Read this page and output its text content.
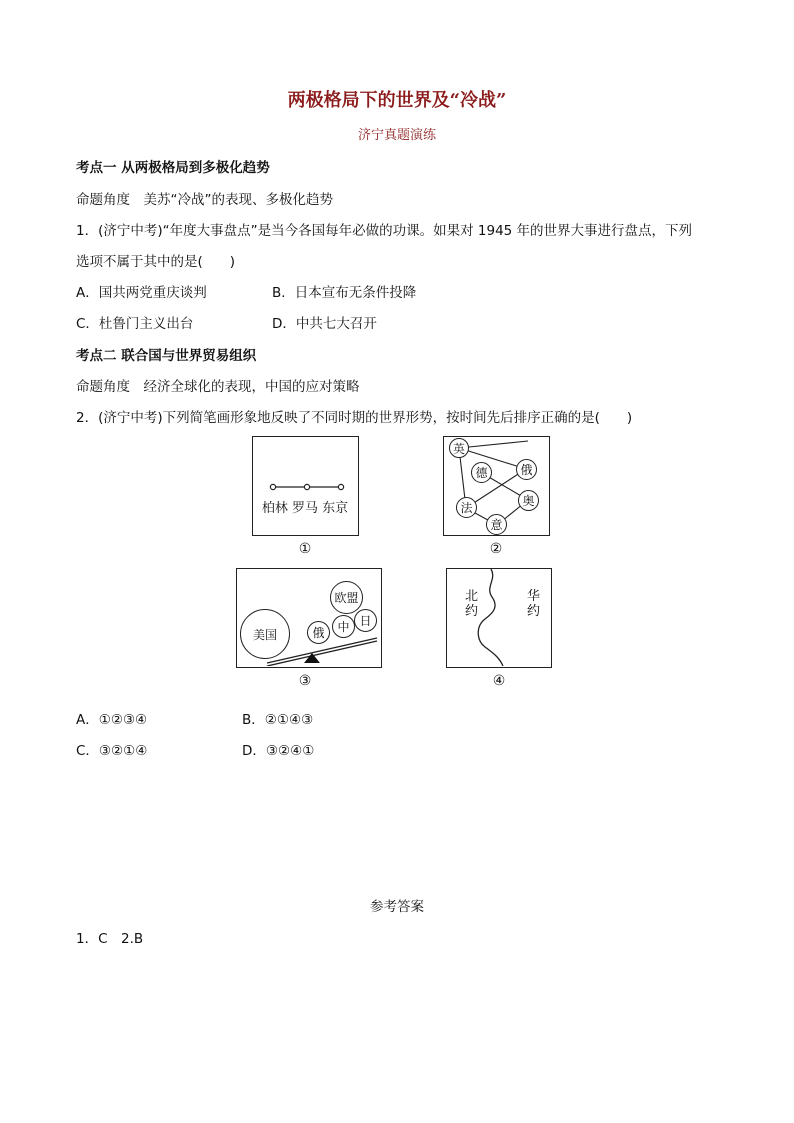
两极格局下的世界及“冷战”
济宁真题演练
考点一 从两极格局到多极化趋势
命题角度　美苏“冷战”的表现、多极化趋势
1．(济宁中考)“年度大事盘点”是当今各国每年必做的功课。如果对 1945 年的世界大事进行盘点，下列
选项不属于其中的是(　　)
A．国共两党重庆谈判	B．日本宣布无条件投降
C．杜鲁门主义出台	D．中共七大召开
考点二 联合国与世界贸易组织
命题角度　经济全球化的表现，中国的应对策略
2．(济宁中考)下列简笔画形象地反映了不同时期的世界形势，按时间先后排序正确的是(　　)
柏林 罗马 东京
①
英
德	俄
法	奥
意
②
美国
欧盟
俄	中 日
③
北约
华约
④
A．①②③④	B．②①④③
C．③②①④	D．③②④①
参考答案
1．C　2.B
